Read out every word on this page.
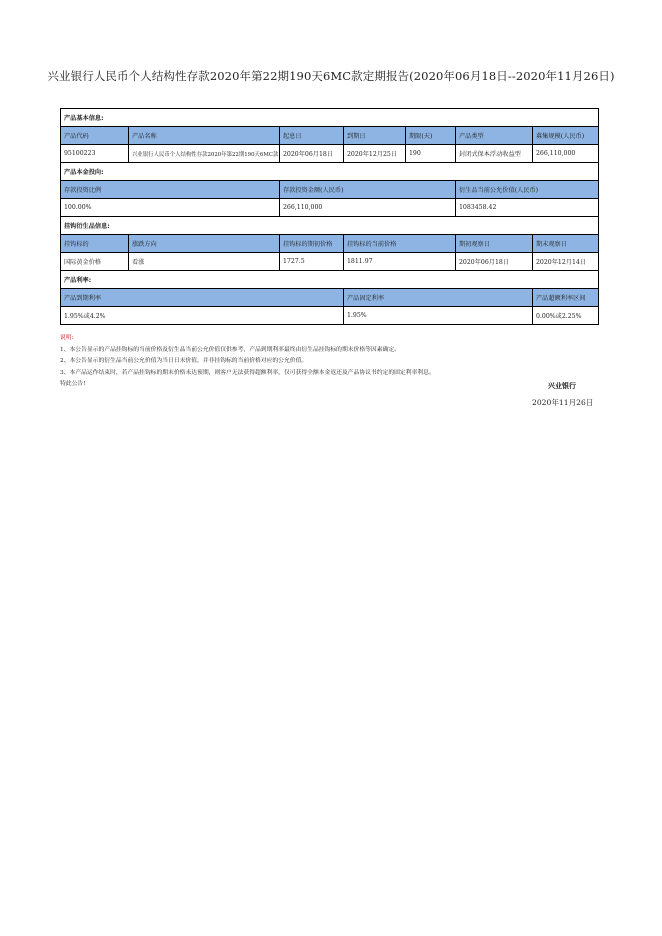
兴业银行人民币个人结构性存款2020年第22期190天6MC款定期报告(2020年06月18日--2020年11月26日)
产品基本信息:						
产品代码	产品名称	起息日	到期日	期限(天)	产品类型	募集规模(人民币)
95100223	兴业银行人民币个人结构性存款2020年第22期190天6MC款	2020年06月18日	2020年12月25日	190	封闭式保本浮动收益型	266,110,000
产品本金投向:						
存款投资比例		存款投资金额(人民币)			衍生品当前公允价值(人民币)	
100.00%		266,110,000			1083458.42	
挂钩衍生品信息:						
挂钩标的	涨跌方向	挂钩标的期初价格	挂钩标的当前价格		期初观察日	期末观察日
国际黄金价格	看涨	1727.5	1811.97		2020年06月18日	2020年12月14日
产品利率:						
产品到期利率			产品固定利率			产品超额利率区间
1.95%或4.2%			1.95%			0.00%或2.25%
说明:
1、本公告显示的产品挂钩标的当前价格及衍生品当前公允价值仅供参考，产品到期利率最终由衍生品挂钩标的期末价格等因素确定。
2、本公告显示的衍生品当前公允价值为当日日末价值，并非挂钩标的当前价格对应的公允价值。
3、本产品运作结束时，若产品挂钩标的期末价格未达预期，则客户无法获得超额利率，仅可获得全额本金返还及产品协议书约定的固定利率利息。
特此公告!	兴业银行
2020年11月26日
